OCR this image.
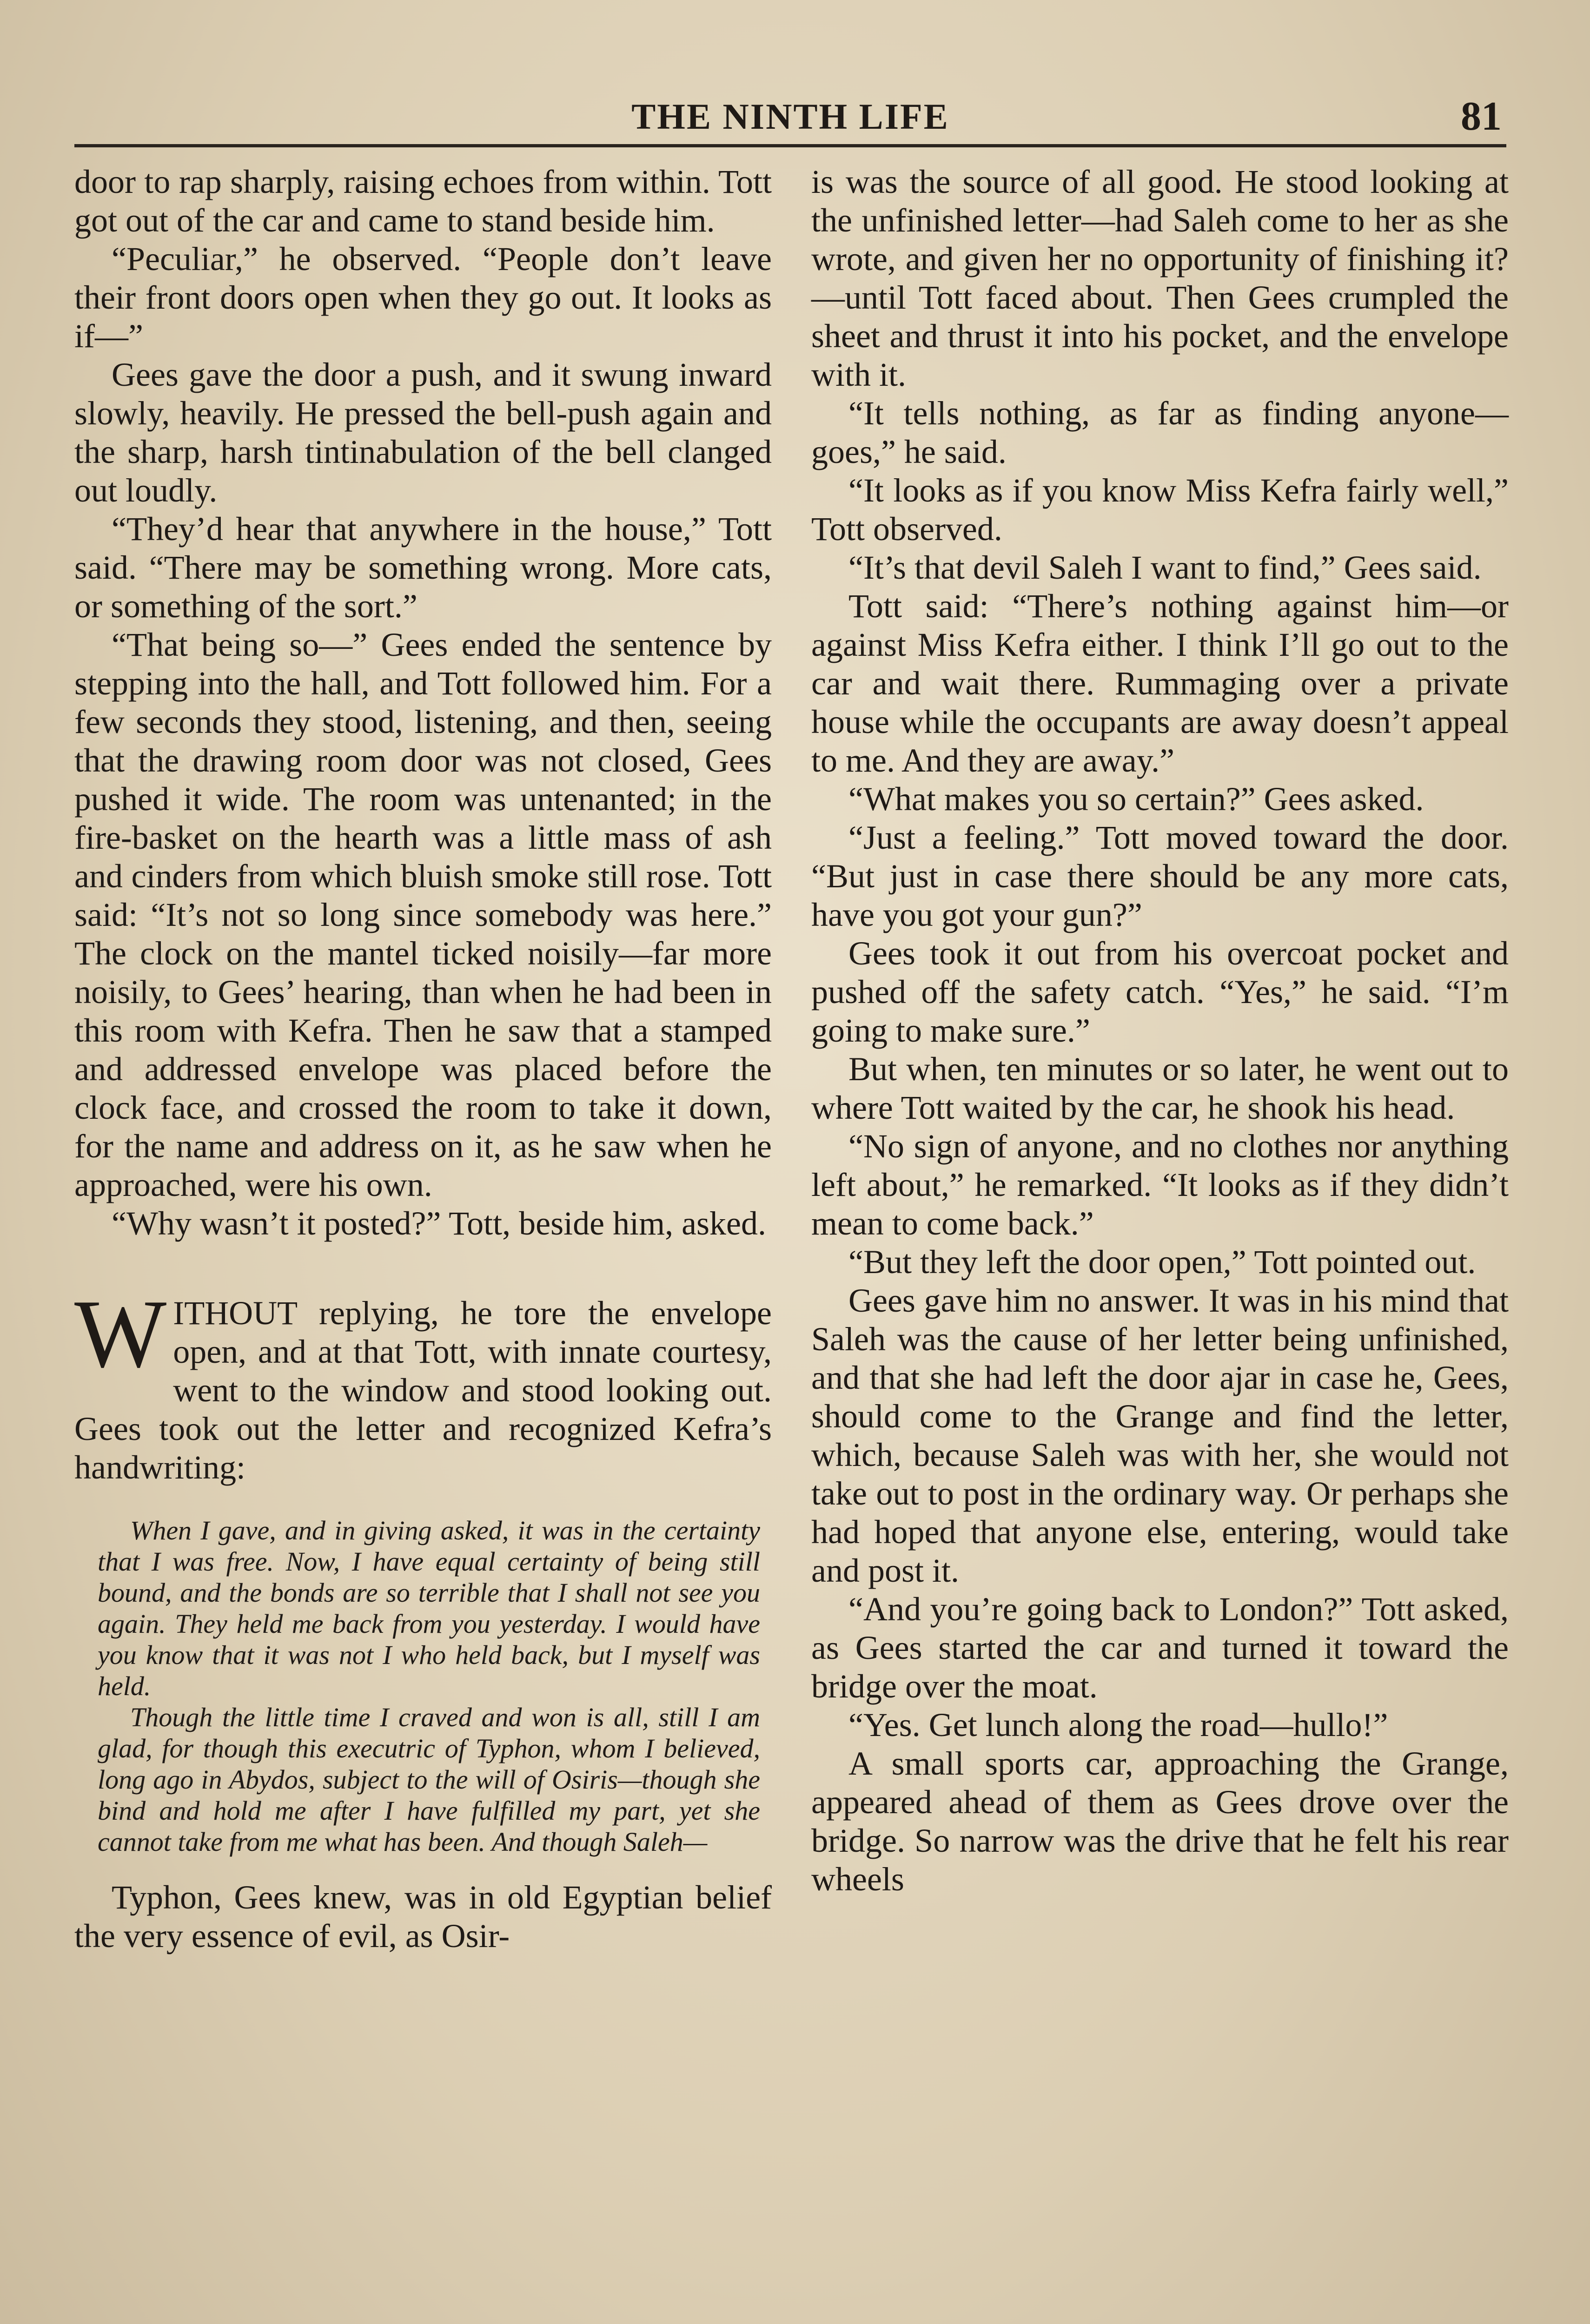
THE NINTH LIFE	81

door to rap sharply, raising echoes from within. Tott got out of the car and came to stand beside him.

“Peculiar,” he observed. “People don’t leave their front doors open when they go out. It looks as if—”

Gees gave the door a push, and it swung inward slowly, heavily. He pressed the bell-push again and the sharp, harsh tintinabulation of the bell clanged out loudly.

“They’d hear that anywhere in the house,” Tott said. “There may be something wrong. More cats, or something of the sort.”

“That being so—” Gees ended the sentence by stepping into the hall, and Tott followed him. For a few seconds they stood, listening, and then, seeing that the drawing room door was not closed, Gees pushed it wide. The room was untenanted; in the fire-basket on the hearth was a little mass of ash and cinders from which bluish smoke still rose. Tott said: “It’s not so long since somebody was here.” The clock on the mantel ticked noisily—far more noisily, to Gees’ hearing, than when he had been in this room with Kefra. Then he saw that a stamped and addressed envelope was placed before the clock face, and crossed the room to take it down, for the name and address on it, as he saw when he approached, were his own.

“Why wasn’t it posted?” Tott, beside him, asked.

WITHOUT replying, he tore the envelope open, and at that Tott, with innate courtesy, went to the window and stood looking out. Gees took out the letter and recognized Kefra’s handwriting:

When I gave, and in giving asked, it was in the certainty that I was free. Now, I have equal certainty of being still bound, and the bonds are so terrible that I shall not see you again. They held me back from you yesterday. I would have you know that it was not I who held back, but I myself was held.

Though the little time I craved and won is all, still I am glad, for though this executric of Typhon, whom I believed, long ago in Abydos, subject to the will of Osiris—though she bind and hold me after I have fulfilled my part, yet she cannot take from me what has been. And though Saleh—

Typhon, Gees knew, was in old Egyptian belief the very essence of evil, as Osir-

is was the source of all good. He stood looking at the unfinished letter—had Saleh come to her as she wrote, and given her no opportunity of finishing it?—until Tott faced about. Then Gees crumpled the sheet and thrust it into his pocket, and the envelope with it.

“It tells nothing, as far as finding anyone—goes,” he said.

“It looks as if you know Miss Kefra fairly well,” Tott observed.

“It’s that devil Saleh I want to find,” Gees said.

Tott said: “There’s nothing against him—or against Miss Kefra either. I think I’ll go out to the car and wait there. Rummaging over a private house while the occupants are away doesn’t appeal to me. And they are away.”

“What makes you so certain?” Gees asked.

“Just a feeling.” Tott moved toward the door. “But just in case there should be any more cats, have you got your gun?”

Gees took it out from his overcoat pocket and pushed off the safety catch. “Yes,” he said. “I’m going to make sure.”

But when, ten minutes or so later, he went out to where Tott waited by the car, he shook his head.

“No sign of anyone, and no clothes nor anything left about,” he remarked. “It looks as if they didn’t mean to come back.”

“But they left the door open,” Tott pointed out.

Gees gave him no answer. It was in his mind that Saleh was the cause of her letter being unfinished, and that she had left the door ajar in case he, Gees, should come to the Grange and find the letter, which, because Saleh was with her, she would not take out to post in the ordinary way. Or perhaps she had hoped that anyone else, entering, would take and post it.

“And you’re going back to London?” Tott asked, as Gees started the car and turned it toward the bridge over the moat.

“Yes. Get lunch along the road—hullo!”

A small sports car, approaching the Grange, appeared ahead of them as Gees drove over the bridge. So narrow was the drive that he felt his rear wheels
